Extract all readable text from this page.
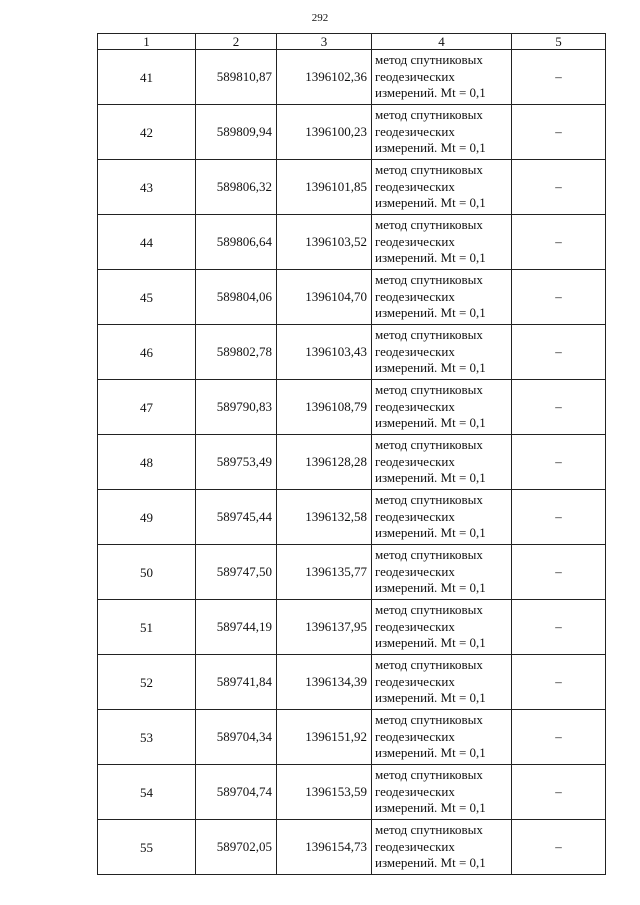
292
1	2	3	4	5
41	589810,87	1396102,36	метод спутниковых
геодезических
измерений. Mt = 0,1	–
42	589809,94	1396100,23	метод спутниковых
геодезических
измерений. Mt = 0,1	–
43	589806,32	1396101,85	метод спутниковых
геодезических
измерений. Mt = 0,1	–
44	589806,64	1396103,52	метод спутниковых
геодезических
измерений. Mt = 0,1	–
45	589804,06	1396104,70	метод спутниковых
геодезических
измерений. Mt = 0,1	–
46	589802,78	1396103,43	метод спутниковых
геодезических
измерений. Mt = 0,1	–
47	589790,83	1396108,79	метод спутниковых
геодезических
измерений. Mt = 0,1	–
48	589753,49	1396128,28	метод спутниковых
геодезических
измерений. Mt = 0,1	–
49	589745,44	1396132,58	метод спутниковых
геодезических
измерений. Mt = 0,1	–
50	589747,50	1396135,77	метод спутниковых
геодезических
измерений. Mt = 0,1	–
51	589744,19	1396137,95	метод спутниковых
геодезических
измерений. Mt = 0,1	–
52	589741,84	1396134,39	метод спутниковых
геодезических
измерений. Mt = 0,1	–
53	589704,34	1396151,92	метод спутниковых
геодезических
измерений. Mt = 0,1	–
54	589704,74	1396153,59	метод спутниковых
геодезических
измерений. Mt = 0,1	–
55	589702,05	1396154,73	метод спутниковых
геодезических
измерений. Mt = 0,1	–
